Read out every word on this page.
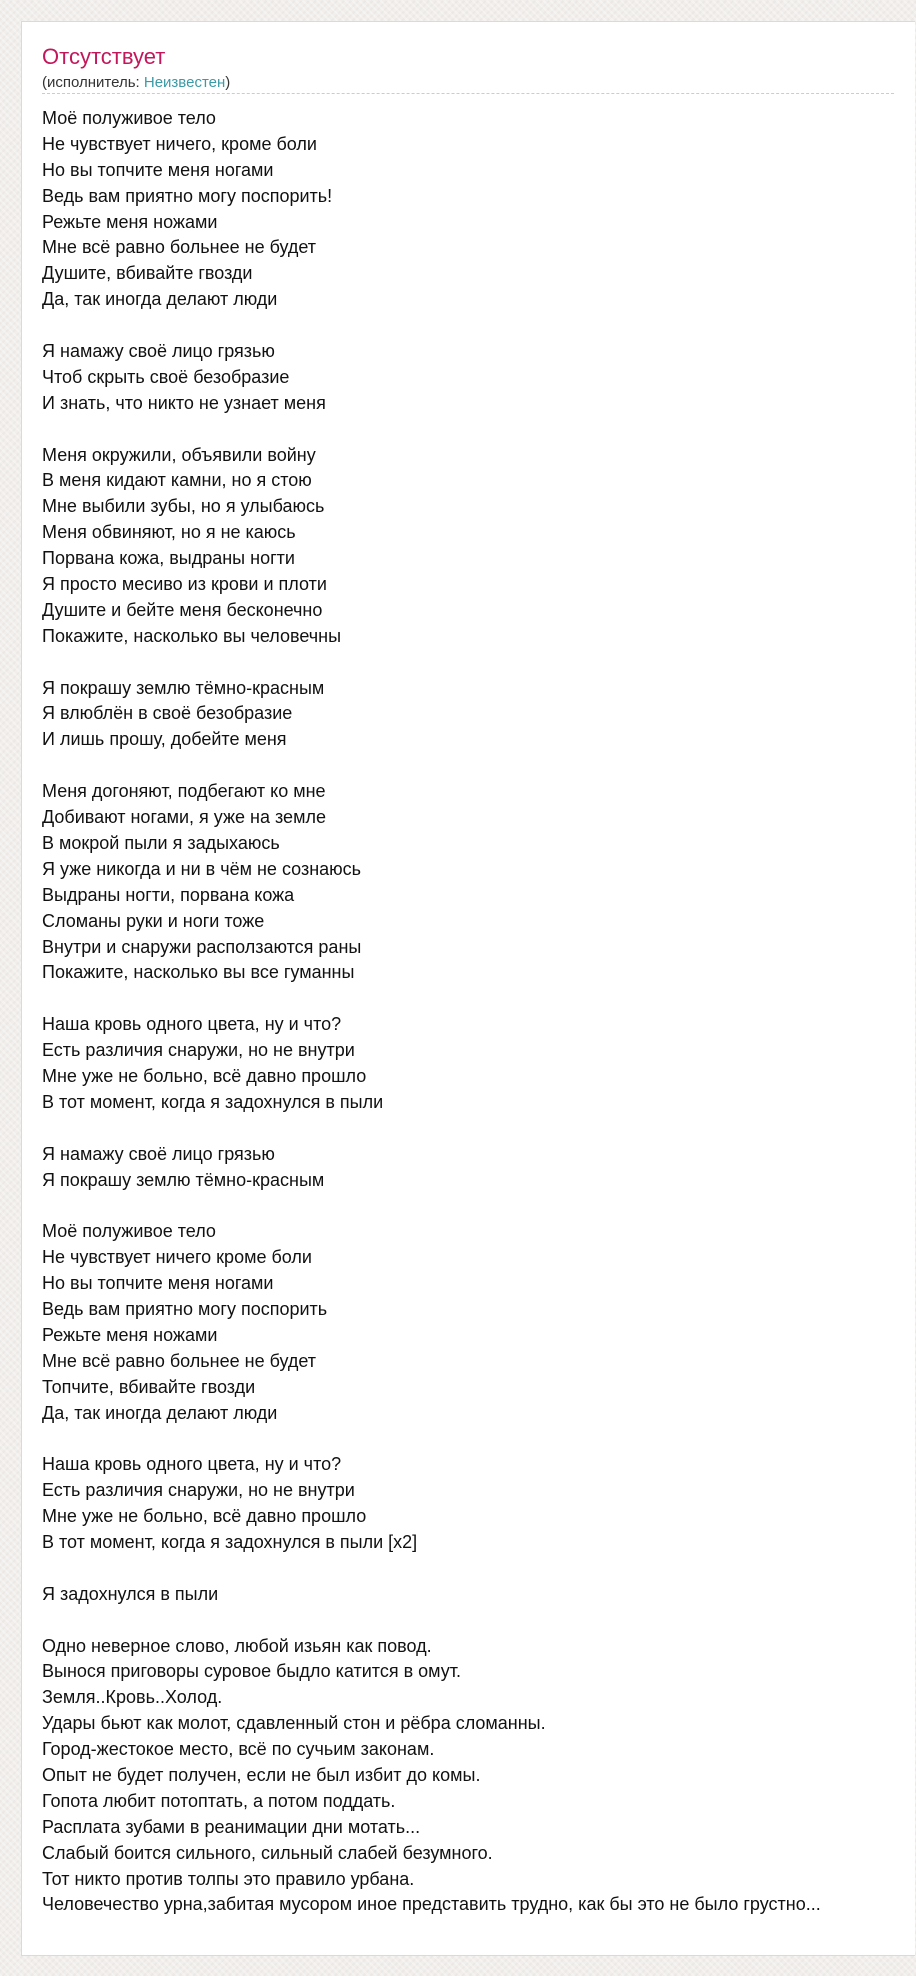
Отсутствует
(исполнитель: Неизвестен)
Моё полуживое тело
Не чувствует ничего, кроме боли
Но вы топчите меня ногами
Ведь вам приятно могу поспорить!
Режьте меня ножами
Мне всё равно больнее не будет
Душите, вбивайте гвозди
Да, так иногда делают люди
Я намажу своё лицо грязью
Чтоб скрыть своё безобразие
И знать, что никто не узнает меня
Меня окружили, объявили войну
В меня кидают камни, но я стою
Мне выбили зубы, но я улыбаюсь
Меня обвиняют, но я не каюсь
Порвана кожа, выдраны ногти
Я просто месиво из крови и плоти
Душите и бейте меня бесконечно
Покажите, насколько вы человечны
Я покрашу землю тёмно-красным
Я влюблён в своё безобразие
И лишь прошу, добейте меня
Меня догоняют, подбегают ко мне
Добивают ногами, я уже на земле
В мокрой пыли я задыхаюсь
Я уже никогда и ни в чём не сознаюсь
Выдраны ногти, порвана кожа
Сломаны руки и ноги тоже
Внутри и снаружи расползаются раны
Покажите, насколько вы все гуманны
Наша кровь одного цвета, ну и что?
Есть различия снаружи, но не внутри
Мне уже не больно, всё давно прошло
В тот момент, когда я задохнулся в пыли
Я намажу своё лицо грязью
Я покрашу землю тёмно-красным
Моё полуживое тело
Не чувствует ничего кроме боли
Но вы топчите меня ногами
Ведь вам приятно могу поспорить
Режьте меня ножами
Мне всё равно больнее не будет
Топчите, вбивайте гвозди
Да, так иногда делают люди
Наша кровь одного цвета, ну и что?
Есть различия снаружи, но не внутри
Мне уже не больно, всё давно прошло
В тот момент, когда я задохнулся в пыли [x2]
Я задохнулся в пыли
Одно неверное слово, любой изьян как повод.
Вынося приговоры суровое быдло катится в омут.
Земля..Кровь..Холод.
Удары бьют как молот, сдавленный стон и рёбра сломанны.
Город-жестокое место, всё по сучьим законам.
Опыт не будет получен, если не был избит до комы.
Гопота любит потоптать, а потом поддать.
Расплата зубами в реанимации дни мотать...
Слабый боится сильного, сильный слабей безумного.
Тот никто против толпы это правило урбана.
Человечество урна,забитая мусором иное представить трудно, как бы это не было грустно...
